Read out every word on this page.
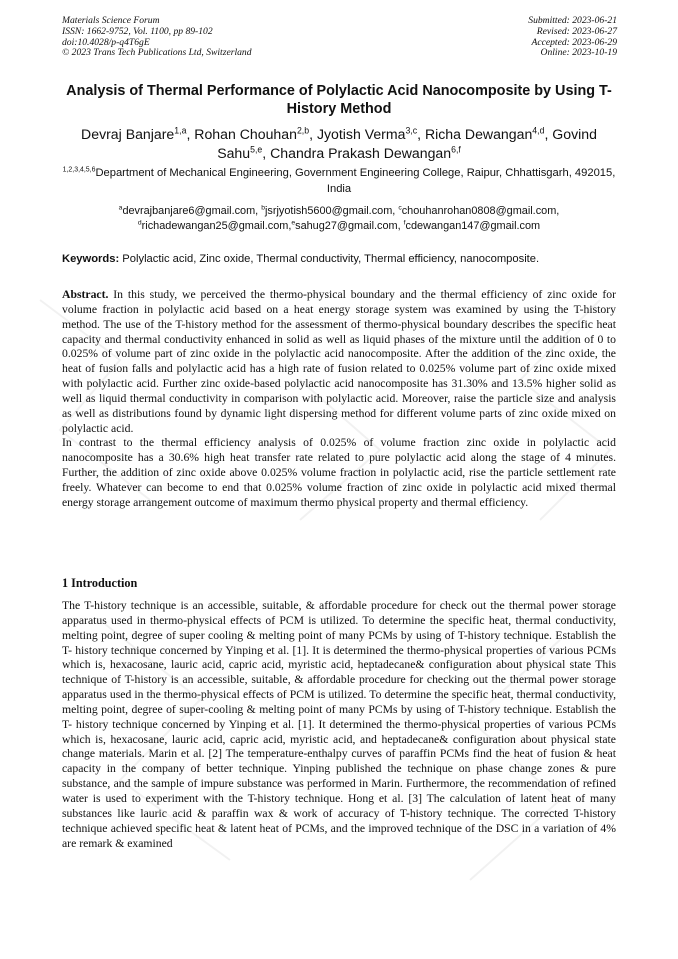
Materials Science Forum
ISSN: 1662-9752, Vol. 1100, pp 89-102
doi:10.4028/p-q4T6gE
© 2023 Trans Tech Publications Ltd, Switzerland
Submitted: 2023-06-21
Revised: 2023-06-27
Accepted: 2023-06-29
Online: 2023-10-19
Analysis of Thermal Performance of Polylactic Acid Nanocomposite by Using T-History Method
Devraj Banjare$^{1,a}$, Rohan Chouhan$^{2,b}$, Jyotish Verma$^{3,c}$, Richa Dewangan$^{4,d}$, Govind Sahu$^{5,e}$, Chandra Prakash Dewangan$^{6,f}$
$^{1,2,3,4,5,6}$Department of Mechanical Engineering, Government Engineering College, Raipur, Chhattisgarh, 492015, India
$^a$devrajbanjare6@gmail.com, $^b$jsrjyotish5600@gmail.com, $^c$chouhanrohan0808@gmail.com,
$^d$richadewangan25@gmail.com,$^e$sahug27@gmail.com, $^f$cdewangan147@gmail.com
Keywords: Polylactic acid, Zinc oxide, Thermal conductivity, Thermal efficiency, nanocomposite.

Abstract. In this study, we perceived the thermo-physical boundary and the thermal efficiency of zinc oxide for volume fraction in polylactic acid based on a heat energy storage system was examined by using the T-history method. The use of the T-history method for the assessment of thermo-physical boundary describes the specific heat capacity and thermal conductivity enhanced in solid as well as liquid phases of the mixture until the addition of 0 to 0.025% of volume part of zinc oxide in the polylactic acid nanocomposite. After the addition of the zinc oxide, the heat of fusion falls and polylactic acid has a high rate of fusion related to 0.025% volume part of zinc oxide mixed with polylactic acid. Further zinc oxide-based polylactic acid nanocomposite has 31.30% and 13.5% higher solid as well as liquid thermal conductivity in comparison with polylactic acid. Moreover, raise the particle size and analysis as well as distributions found by dynamic light dispersing method for different volume parts of zinc oxide mixed on polylactic acid.

In contrast to the thermal efficiency analysis of 0.025% of volume fraction zinc oxide in polylactic acid nanocomposite has a 30.6% high heat transfer rate related to pure polylactic acid along the stage of 4 minutes. Further, the addition of zinc oxide above 0.025% volume fraction in polylactic acid, rise the particle settlement rate freely. Whatever can become to end that 0.025% volume fraction of zinc oxide in polylactic acid mixed thermal energy storage arrangement outcome of maximum thermo physical property and thermal efficiency.

1 Introduction

The T-history technique is an accessible, suitable, & affordable procedure for check out the thermal power storage apparatus used in thermo-physical effects of PCM is utilized. To determine the specific heat, thermal conductivity, melting point, degree of super cooling & melting point of many PCMs by using of T-history technique. Establish the T- history technique concerned by Yinping et al. [1]. It is determined the thermo-physical properties of various PCMs which is, hexacosane, lauric acid, capric acid, myristic acid, heptadecane& configuration about physical state This technique of T-history is an accessible, suitable, & affordable procedure for checking out the thermal power storage apparatus used in the thermo-physical effects of PCM is utilized. To determine the specific heat, thermal conductivity, melting point, degree of super-cooling & melting point of many PCMs by using of T-history technique. Establish the T- history technique concerned by Yinping et al. [1]. It determined the thermo-physical properties of various PCMs which is, hexacosane, lauric acid, capric acid, myristic acid, and heptadecane& configuration about physical state change materials. Marin et al. [2] The temperature-enthalpy curves of paraffin PCMs find the heat of fusion & heat capacity in the company of better technique. Yinping published the technique on phase change zones & pure substance, and the sample of impure substance was performed in Marin. Furthermore, the recommendation of refined water is used to experiment with the T-history technique. Hong et al. [3] The calculation of latent heat of many substances like lauric acid & paraffin wax & work of accuracy of T-history technique. The corrected T-history technique achieved specific heat & latent heat of PCMs, and the improved technique of the DSC in a variation of 4% are remark & examined
